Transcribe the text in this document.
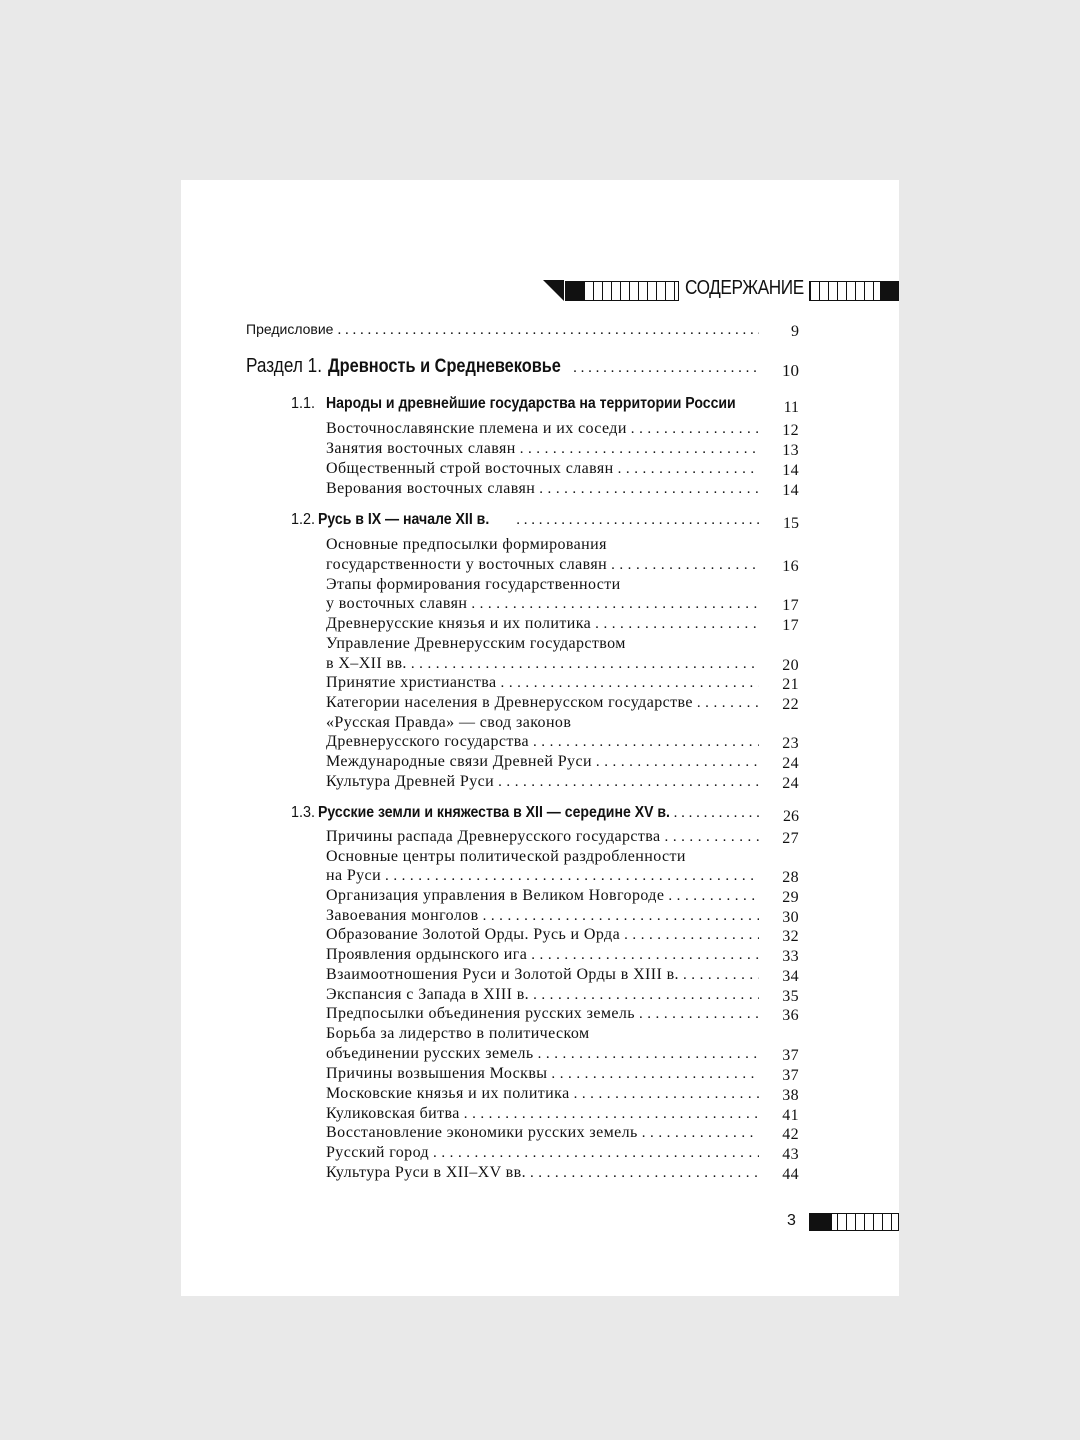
СОДЕРЖАНИЕ
Предисловие . . .	9
Раздел 1. Древность и Средневековье . . .	10
1.1. Народы и древнейшие государства на территории России	11
Восточнославянские племена и их соседи . . .	12
Занятия восточных славян . . .	13
Общественный строй восточных славян . . .	14
Верования восточных славян . . .	14
1.2. Русь в IX — начале XII в. . . .	15
Основные предпосылки формирования
государственности у восточных славян . . .	16
Этапы формирования государственности
у восточных славян . . .	17
Древнерусские князья и их политика . . .	17
Управление Древнерусским государством
в X–XII вв. . . .	20
Принятие христианства . . .	21
Категории населения в Древнерусском государстве . . .	22
«Русская Правда» — свод законов
Древнерусского государства . . .	23
Международные связи Древней Руси . . .	24
Культура Древней Руси . . .	24
1.3. Русские земли и княжества в XII — середине XV в. . . .	26
Причины распада Древнерусского государства . . .	27
Основные центры политической раздробленности
на Руси . . .	28
Организация управления в Великом Новгороде . . .	29
Завоевания монголов . . .	30
Образование Золотой Орды. Русь и Орда . . .	32
Проявления ордынского ига . . .	33
Взаимоотношения Руси и Золотой Орды в XIII в. . . .	34
Экспансия с Запада в XIII в. . . .	35
Предпосылки объединения русских земель . . .	36
Борьба за лидерство в политическом
объединении русских земель . . .	37
Причины возвышения Москвы . . .	37
Московские князья и их политика . . .	38
Куликовская битва . . .	41
Восстановление экономики русских земель . . .	42
Русский город . . .	43
Культура Руси в XII–XV вв. . . .	44
3
